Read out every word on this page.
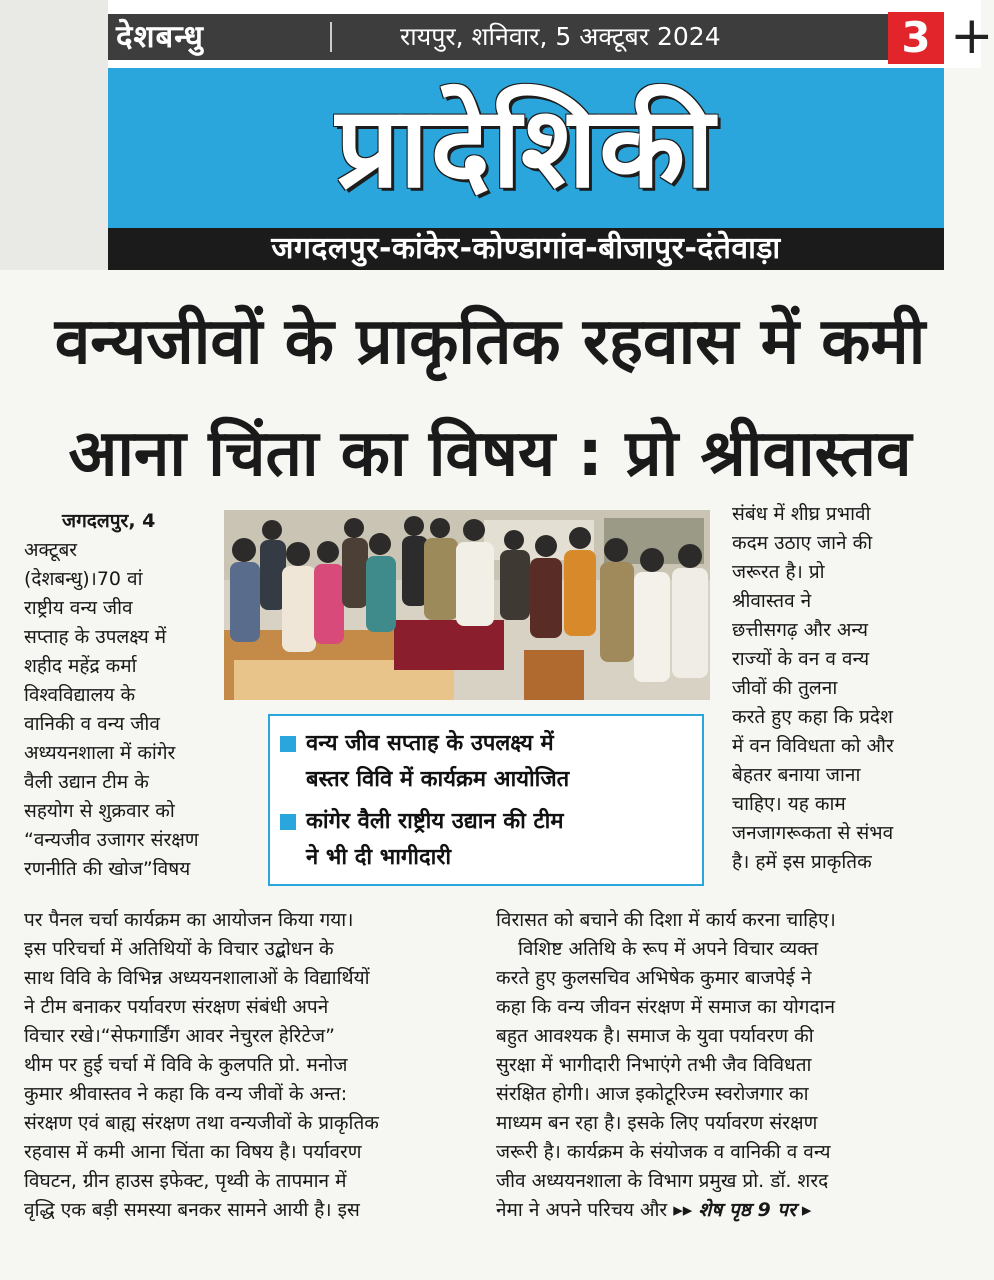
देशबन्धु	रायपुर, शनिवार, 5 अक्टूबर 2024	3 +
प्रादेशिकी
जगदलपुर-कांकेर-कोण्डागांव-बीजापुर-दंतेवाड़ा
वन्यजीवों के प्राकृतिक रहवास में कमी
आना चिंता का विषय : प्रो श्रीवास्तव

जगदलपुर, 4

अक्टूबर

(देशबन्धु)।70 वां

राष्ट्रीय वन्य जीव

सप्ताह के उपलक्ष्य में

शहीद महेंद्र कर्मा

विश्वविद्यालय के

वानिकी व वन्य जीव

अध्ययनशाला में कांगेर

वैली उद्यान टीम के

सहयोग से शुक्रवार को

“वन्यजीव उजागर संरक्षण

रणनीति की खोज”विषय

संबंध में शीघ्र प्रभावी

कदम उठाए जाने की

जरूरत है। प्रो

श्रीवास्तव ने

छत्तीसगढ़ और अन्य

राज्यों के वन व वन्य

जीवों की तुलना

करते हुए कहा कि प्रदेश

में वन विविधता को और

बेहतर बनाया जाना

चाहिए। यह काम

जनजागरूकता से संभव

है। हमें इस प्राकृतिक

वन्य जीव सप्ताह के उपलक्ष्य में
बस्तर विवि में कार्यक्रम आयोजित
कांगेर वैली राष्ट्रीय उद्यान की टीम
ने भी दी भागीदारी

पर पैनल चर्चा कार्यक्रम का आयोजन किया गया।

इस परिचर्चा में अतिथियों के विचार उद्बोधन के

साथ विवि के विभिन्न अध्ययनशालाओं के विद्यार्थियों

ने टीम बनाकर पर्यावरण संरक्षण संबंधी अपने

विचार रखे।“सेफगार्डिंग आवर नेचुरल हेरिटेज”

थीम पर हुई चर्चा में विवि के कुलपति प्रो. मनोज

कुमार श्रीवास्तव ने कहा कि वन्य जीवों के अन्त:

संरक्षण एवं बाह्य संरक्षण तथा वन्यजीवों के प्राकृतिक

रहवास में कमी आना चिंता का विषय है। पर्यावरण

विघटन, ग्रीन हाउस इफेक्ट, पृथ्वी के तापमान में

वृद्धि एक बड़ी समस्या बनकर सामने आयी है। इस

विरासत को बचाने की दिशा में कार्य करना चाहिए।

विशिष्ट अतिथि के रूप में अपने विचार व्यक्त

करते हुए कुलसचिव अभिषेक कुमार बाजपेई ने

कहा कि वन्य जीवन संरक्षण में समाज का योगदान

बहुत आवश्यक है। समाज के युवा पर्यावरण की

सुरक्षा में भागीदारी निभाएंगे तभी जैव विविधता

संरक्षित होगी। आज इकोटूरिज्म स्वरोजगार का

माध्यम बन रहा है। इसके लिए पर्यावरण संरक्षण

जरूरी है। कार्यक्रम के संयोजक व वानिकी व वन्य

जीव अध्ययनशाला के विभाग प्रमुख प्रो. डॉ. शरद

नेमा ने अपने परिचय और ▸▸ शेष पृष्ठ 9 पर ▸
